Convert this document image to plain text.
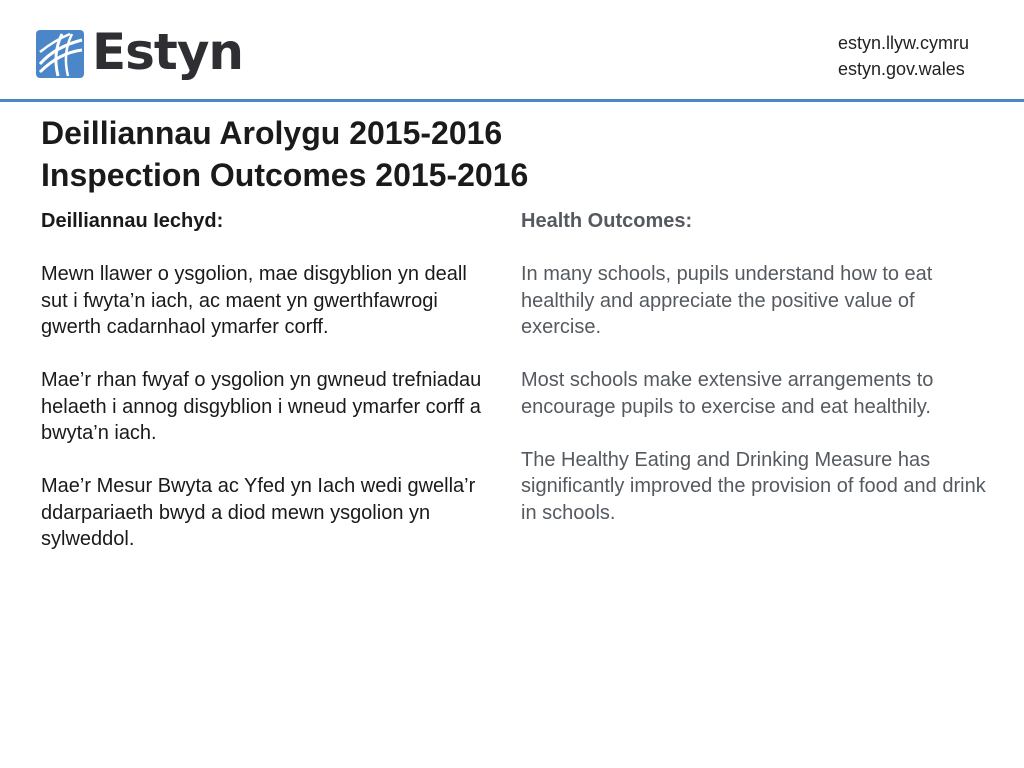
Estyn	estyn.llyw.cymru
estyn.gov.wales
Deilliannau Arolygu 2015-2016
Inspection Outcomes 2015-2016
Deilliannau Iechyd:

Mewn llawer o ysgolion, mae disgyblion yn deall sut i fwyta’n iach, ac maent yn gwerthfawrogi gwerth cadarnhaol ymarfer corff.

Mae’r rhan fwyaf o ysgolion yn gwneud trefniadau helaeth i annog disgyblion i wneud ymarfer corff a bwyta’n iach.

Mae’r Mesur Bwyta ac Yfed yn Iach wedi gwella’r ddarpariaeth bwyd a diod mewn ysgolion yn sylweddol.

Health Outcomes:

In many schools, pupils understand how to eat healthily and appreciate the positive value of exercise.

Most schools make extensive arrangements to encourage pupils to exercise and eat healthily.

The Healthy Eating and Drinking Measure has significantly improved the provision of food and drink in schools.
